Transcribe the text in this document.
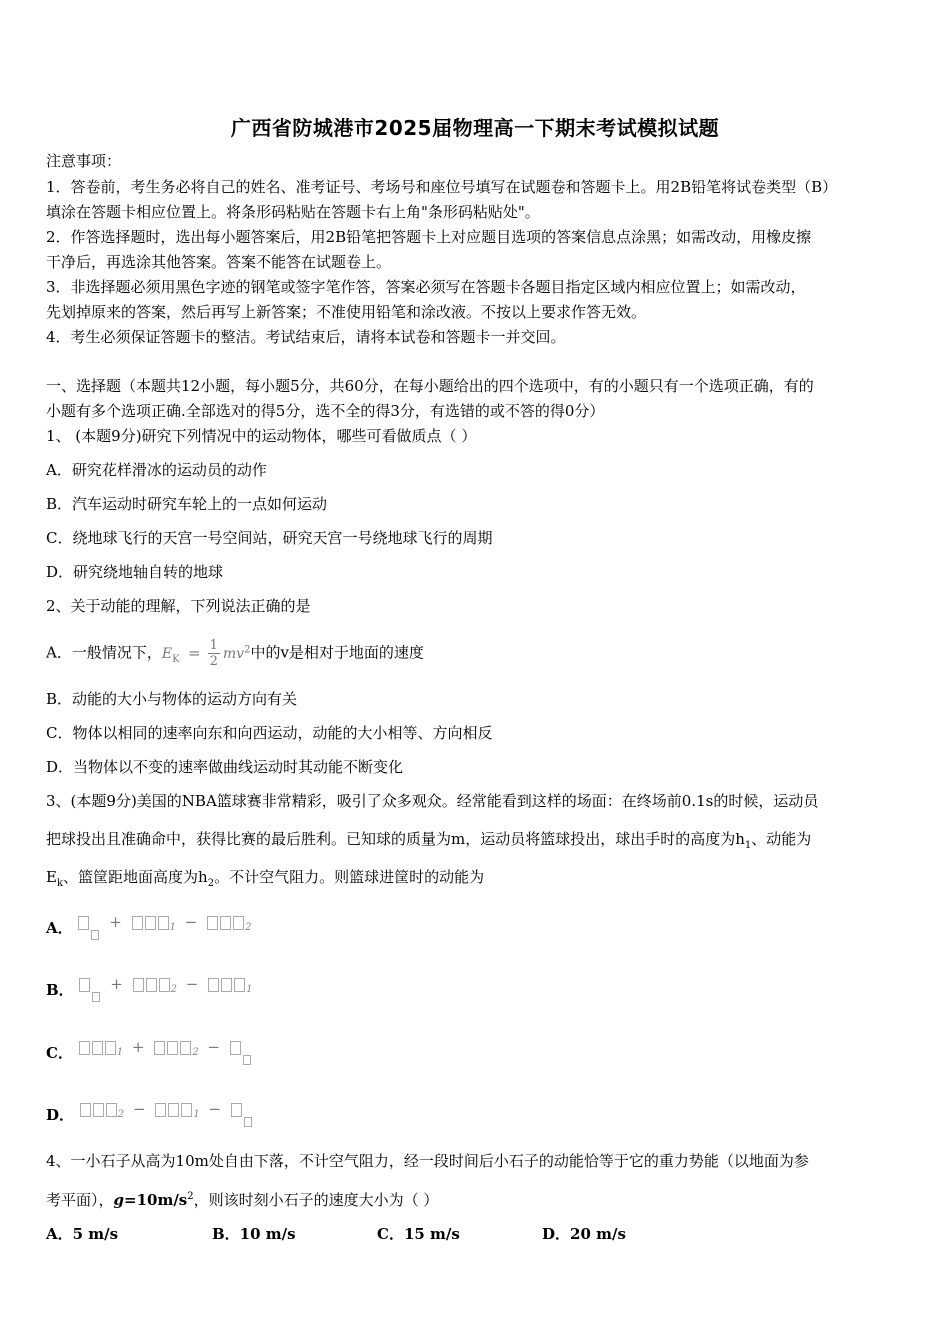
广西省防城港市2025届物理高一下期末考试模拟试题
注意事项：
1．答卷前，考生务必将自己的姓名、准考证号、考场号和座位号填写在试题卷和答题卡上。用2B铅笔将试卷类型（B）
填涂在答题卡相应位置上。将条形码粘贴在答题卡右上角"条形码粘贴处"。
2．作答选择题时，选出每小题答案后，用2B铅笔把答题卡上对应题目选项的答案信息点涂黑；如需改动，用橡皮擦
干净后，再选涂其他答案。答案不能答在试题卷上。
3．非选择题必须用黑色字迹的钢笔或签字笔作答，答案必须写在答题卡各题目指定区域内相应位置上；如需改动，
先划掉原来的答案，然后再写上新答案；不准使用铅笔和涂改液。不按以上要求作答无效。
4．考生必须保证答题卡的整洁。考试结束后，请将本试卷和答题卡一并交回。
一、选择题（本题共12小题，每小题5分，共60分，在每小题给出的四个选项中，有的小题只有一个选项正确，有的
小题有多个选项正确.全部选对的得5分，选不全的得3分，有选错的或不答的得0分）
1、 (本题9分)研究下列情况中的运动物体，哪些可看做质点（ ）
A．研究花样滑冰的运动员的动作
B．汽车运动时研究车轮上的一点如何运动
C．绕地球飞行的天宫一号空间站，研究天宫一号绕地球飞行的周期
D．研究绕地轴自转的地球
2、关于动能的理解，下列说法正确的是
A．一般情况下，$E_K = \frac{1}{2} mv^2$中的v是相对于地面的速度
B．动能的大小与物体的运动方向有关
C．物体以相同的速率向东和向西运动，动能的大小相等、方向相反
D．当物体以不变的速率做曲线运动时其动能不断变化
3、(本题9分)美国的NBA篮球赛非常精彩，吸引了众多观众。经常能看到这样的场面：在终场前0.1s的时候，运动员
把球投出且准确命中，获得比赛的最后胜利。已知球的质量为m，运动员将篮球投出，球出手时的高度为$h_1$、动能为
$E_k$、篮筐距地面高度为$h_2$。不计空气阻力。则篮球进筐时的动能为
A． +	$_1$ −	$_2$
B． +	$_2$ −	$_1$
C．	$_1$ +	$_2$ −
D．	$_2$ −	$_1$ −
4、一小石子从高为10m处自由下落，不计空气阻力，经一段时间后小石子的动能恰等于它的重力势能（以地面为参
考平面），$g=10m/s^2$，则该时刻小石子的速度大小为（ ）
A．5 m/s	B．10 m/s	C．15 m/s	D．20 m/s
